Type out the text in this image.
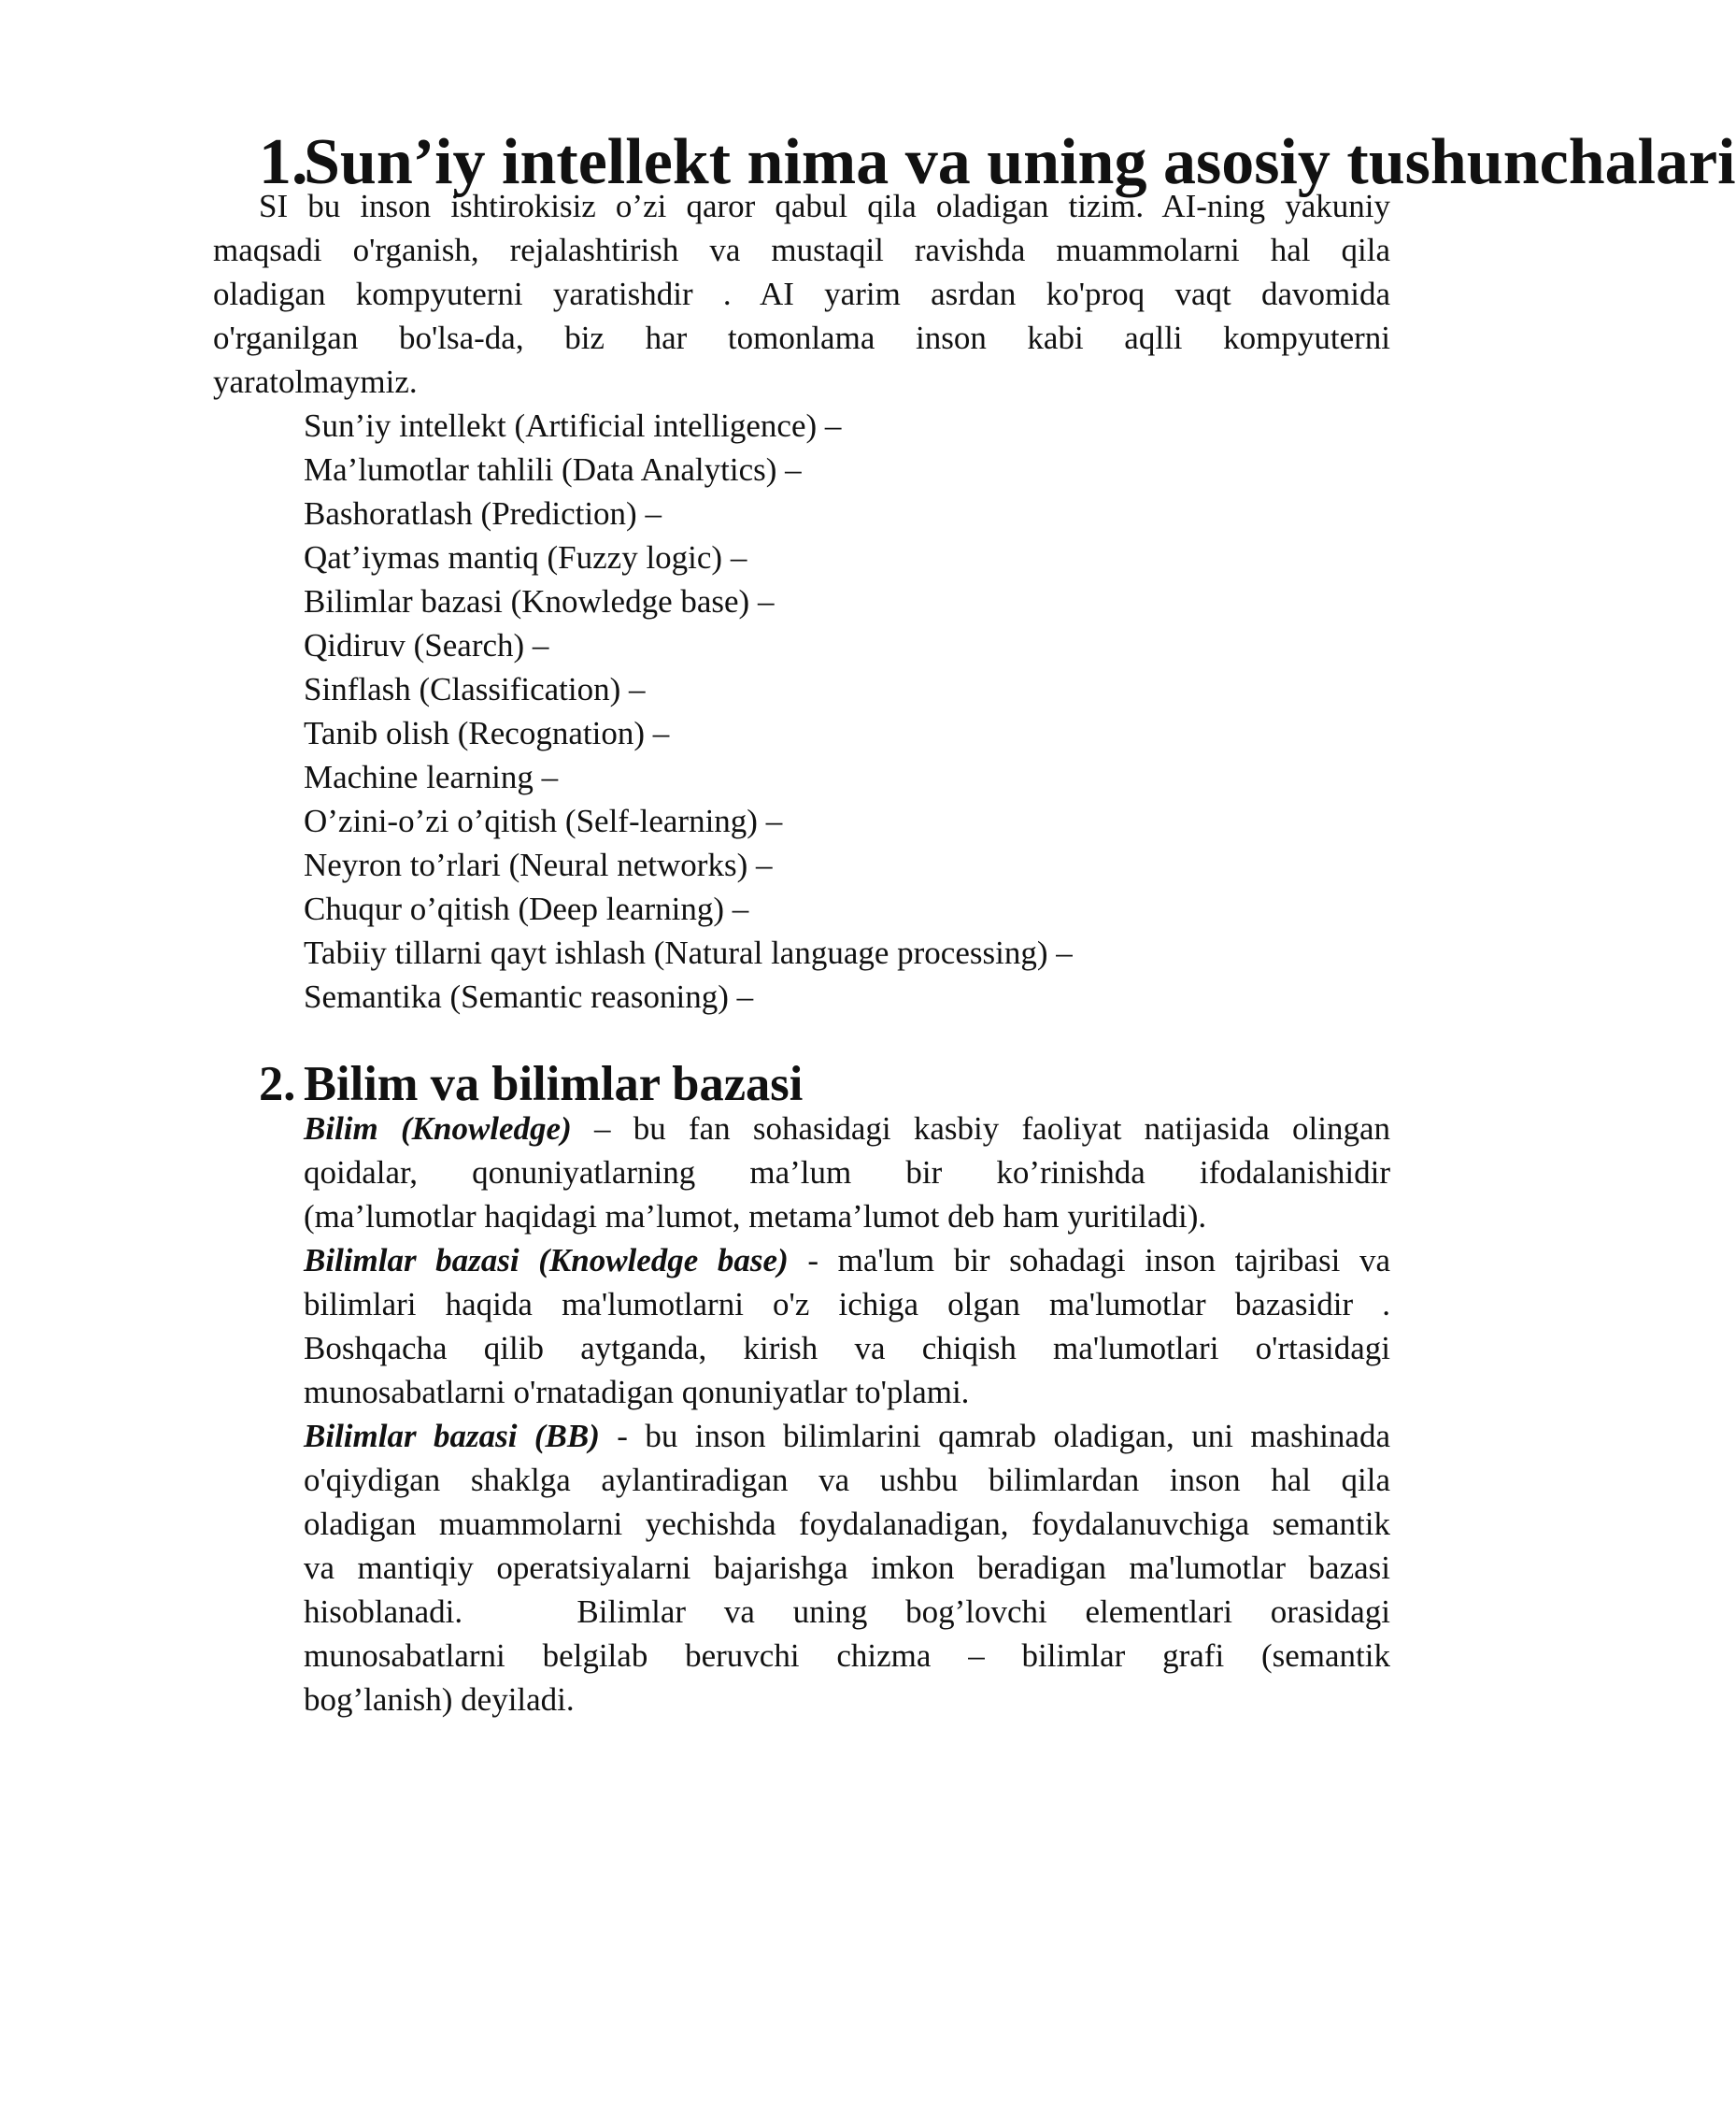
1.
Sun’iy intellekt nima va uning asosiy tushunchalari

SI bu inson ishtirokisiz o’zi qaror qabul qila oladigan tizim. AI-ning yakuniy
maqsadi o'rganish, rejalashtirish va mustaqil ravishda muammolarni hal qila
oladigan kompyuterni yaratishdir . AI yarim asrdan ko'proq vaqt davomida
o'rganilgan bo'lsa-da, biz har tomonlama inson kabi aqlli kompyuterni
yaratolmaymiz.

Sun’iy intellekt (Artificial intelligence) –
Ma’lumotlar tahlili (Data Analytics) –
Bashoratlash (Prediction) –
Qat’iymas mantiq (Fuzzy logic) –
Bilimlar bazasi (Knowledge base) –
Qidiruv (Search) –
Sinflash (Classification) –
Tanib olish (Recognation) –
Machine learning –
O’zini-o’zi o’qitish (Self-learning) –
Neyron to’rlari (Neural networks) –
Chuqur o’qitish (Deep learning) –
Tabiiy tillarni qayt ishlash (Natural language processing) –
Semantika (Semantic reasoning) –
2. Bilim va bilimlar bazasi

Bilim (Knowledge) – bu fan sohasidagi kasbiy faoliyat natijasida olingan
qoidalar, qonuniyatlarning ma’lum bir ko’rinishda ifodalanishidir
(ma’lumotlar haqidagi ma’lumot, metama’lumot deb ham yuritiladi).

Bilimlar bazasi (Knowledge base) - ma'lum bir sohadagi inson tajribasi va
bilimlari haqida ma'lumotlarni o'z ichiga olgan ma'lumotlar bazasidir .
Boshqacha qilib aytganda, kirish va chiqish ma'lumotlari o'rtasidagi
munosabatlarni o'rnatadigan qonuniyatlar to'plami.

Bilimlar bazasi (BB) - bu inson bilimlarini qamrab oladigan, uni mashinada
o'qiydigan shaklga aylantiradigan va ushbu bilimlardan inson hal qila
oladigan muammolarni yechishda foydalanadigan, foydalanuvchiga semantik
va mantiqiy operatsiyalarni bajarishga imkon beradigan ma'lumotlar bazasi
hisoblanadi.   Bilimlar va uning bog’lovchi elementlari orasidagi
munosabatlarni belgilab beruvchi chizma – bilimlar grafi (semantik
bog’lanish) deyiladi.
